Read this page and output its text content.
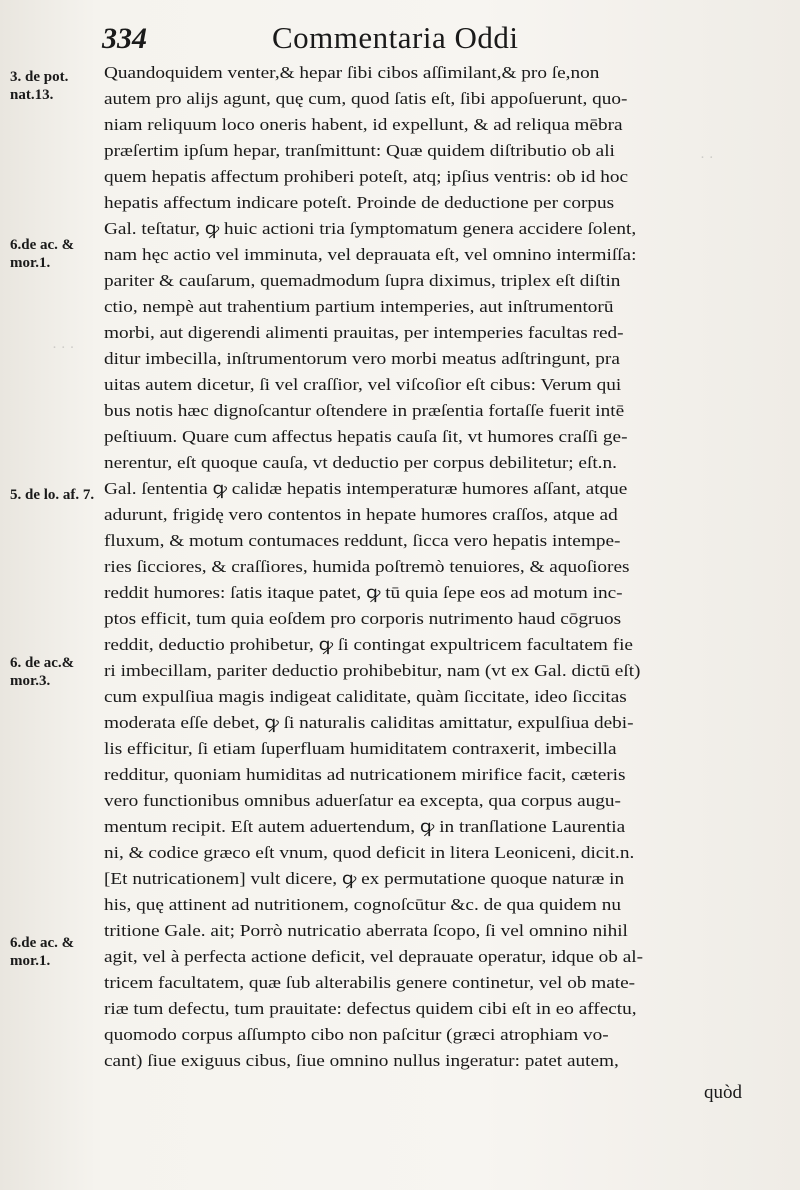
· · ·
· ·
334	Commentaria Oddi
3. de pot. nat.13.
6.de ac. & mor.1.
5. de lo. af. 7.
6. de ac.& mor.3.
6.de ac. & mor.1.
Quandoquidem venter,& hepar ſibi cibos aſſimilant,& pro ſe,non
autem pro alijs agunt, quę cum, quod ſatis eſt, ſibi appoſuerunt, quo-
niam reliquum loco oneris habent, id expellunt, & ad reliqua mēbra
præſertim ipſum hepar, tranſmittunt: Quæ quidem diſtributio ob ali
quem hepatis affectum prohiberi poteſt, atq; ipſius ventris: ob id hoc
hepatis affectum indicare poteſt. Proinde de deductione per corpus
Gal. teſtatur, ꝙ huic actioni tria ſymptomatum genera accidere ſolent,
nam hęc actio vel imminuta, vel deprauata eſt, vel omnino intermiſſa:
pariter & cauſarum, quemadmodum ſupra diximus, triplex eſt diſtin
ctio, nempè aut trahentium partium intemperies, aut inſtrumentorū
morbi, aut digerendi alimenti prauitas, per intemperies facultas red-
ditur imbecilla, inſtrumentorum vero morbi meatus adſtringunt, pra
uitas autem dicetur, ſi vel craſſior, vel viſcoſior eſt cibus: Verum qui
bus notis hæc dignoſcantur oſtendere in præſentia fortaſſe fuerit intē
peſtiuum. Quare cum affectus hepatis cauſa ſit, vt humores craſſi ge-
nerentur, eſt quoque cauſa, vt deductio per corpus debilitetur; eſt.n.
Gal. ſententia ꝙ calidæ hepatis intemperaturæ humores aſſant, atque
adurunt, frigidę vero contentos in hepate humores craſſos, atque ad
fluxum, & motum contumaces reddunt, ſicca vero hepatis intempe-
ries ſicciores, & craſſiores, humida poſtremò tenuiores, & aquoſiores
reddit humores: ſatis itaque patet, ꝙ tū quia ſepe eos ad motum inc-
ptos efficit, tum quia eoſdem pro corporis nutrimento haud cōgruos
reddit, deductio prohibetur, ꝙ ſi contingat expultricem facultatem fie
ri imbecillam, pariter deductio prohibebitur, nam (vt ex Gal. dictū eſt)
cum expulſiua magis indigeat caliditate, quàm ſiccitate, ideo ſiccitas
moderata eſſe debet, ꝙ ſi naturalis caliditas amittatur, expulſiua debi-
lis efficitur, ſi etiam ſuperfluam humiditatem contraxerit, imbecilla
redditur, quoniam humiditas ad nutricationem mirifice facit, cæteris
vero functionibus omnibus aduerſatur ea excepta, qua corpus augu-
mentum recipit. Eſt autem aduertendum, ꝙ in tranſlatione Laurentia
ni, & codice græco eſt vnum, quod deficit in litera Leoniceni, dicit.n.
[Et nutricationem] vult dicere, ꝙ ex permutatione quoque naturæ in
his, quę attinent ad nutritionem, cognoſcūtur &c. de qua quidem nu
tritione Gale. ait; Porrò nutricatio aberrata ſcopo, ſi vel omnino nihil
agit, vel à perfecta actione deficit, vel deprauate operatur, idque ob al-
tricem facultatem, quæ ſub alterabilis genere continetur, vel ob mate-
riæ tum defectu, tum prauitate: defectus quidem cibi eſt in eo affectu,
quomodo corpus aſſumpto cibo non paſcitur (græci atrophiam vo-
cant) ſiue exiguus cibus, ſiue omnino nullus ingeratur: patet autem,
quòd
